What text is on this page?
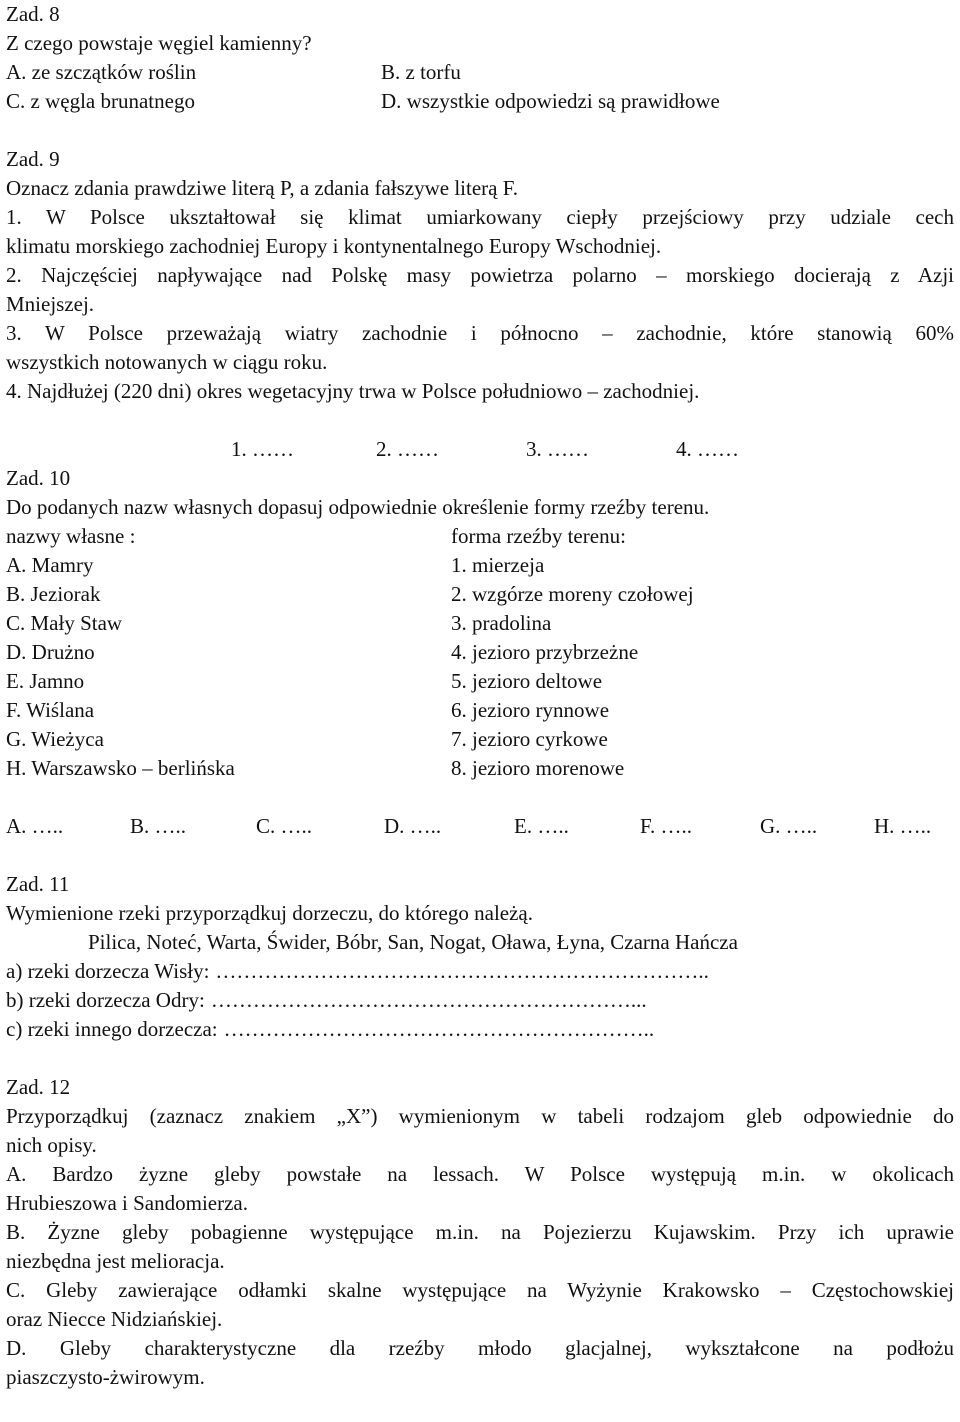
Zad. 8
Z czego powstaje węgiel kamienny?
A. ze szczątków roślin	B. z torfu
C. z węgla brunatnego	D. wszystkie odpowiedzi są prawidłowe
Zad. 9
Oznacz zdania prawdziwe literą P, a zdania fałszywe literą F.
1. W Polsce ukształtował się klimat umiarkowany ciepły przejściowy przy udziale cech
klimatu morskiego zachodniej Europy i kontynentalnego Europy Wschodniej.
2. Najczęściej napływające nad Polskę masy powietrza polarno – morskiego docierają z Azji
Mniejszej.
3. W Polsce przeważają wiatry zachodnie i północno – zachodnie, które stanowią 60%
wszystkich notowanych w ciągu roku.
4. Najdłużej (220 dni) okres wegetacyjny trwa w Polsce południowo – zachodniej.
1. ……	2. ……	3. ……	4. ……
Zad. 10
Do podanych nazw własnych dopasuj odpowiednie określenie formy rzeźby terenu.
nazwy własne :	forma rzeźby terenu:
A. Mamry	1. mierzeja
B. Jeziorak	2. wzgórze moreny czołowej
C. Mały Staw	3. pradolina
D. Drużno	4. jezioro przybrzeżne
E. Jamno	5. jezioro deltowe
F. Wiślana	6. jezioro rynnowe
G. Wieżyca	7. jezioro cyrkowe
H. Warszawsko – berlińska	8. jezioro morenowe
A. …..	B. …..	C. …..	D. …..	E. …..	F. …..	G. …..	H. …..
Zad. 11
Wymienione rzeki przyporządkuj dorzeczu, do którego należą.
Pilica, Noteć, Warta, Świder, Bóbr, San, Nogat, Oława, Łyna, Czarna Hańcza
a) rzeki dorzecza Wisły: ……………………………………………………………..
b) rzeki dorzecza Odry: ……………………………………………………...
c) rzeki innego dorzecza: ……………………………………………………..
Zad. 12
Przyporządkuj (zaznacz znakiem „X”) wymienionym w tabeli rodzajom gleb odpowiednie do
nich opisy.
A. Bardzo żyzne gleby powstałe na lessach. W Polsce występują m.in. w okolicach
Hrubieszowa i Sandomierza.
B. Żyzne gleby pobagienne występujące m.in. na Pojezierzu Kujawskim. Przy ich uprawie
niezbędna jest melioracja.
C. Gleby zawierające odłamki skalne występujące na Wyżynie Krakowsko – Częstochowskiej
oraz Niecce Nidziańskiej.
D. Gleby charakterystyczne dla rzeźby młodo glacjalnej, wykształcone na podłożu
piaszczysto-żwirowym.
